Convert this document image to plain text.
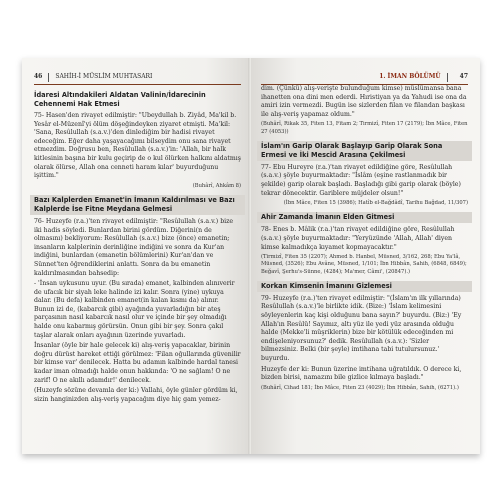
46 SAHİH-İ MÜSLİM MUHTASARI
İdaresi Altındakileri Aldatan Valinin/İdarecinin Cehennemi Hak Etmesi

75- Hasen'den rivayet edilmiştir: "Ubeydullah b. Ziyâd, Ma'kil b. Yesâr el-Müzenî'yi ölüm döşeğindeyken ziyaret etmişti. Ma'kil: 'Sana, Resûlullah (s.a.v.)'den dinlediğim bir hadisi rivayet edeceğim. Eğer daha yaşayacağımı bilseydim onu sana rivayet etmezdim. Doğrusu ben, Resûlullah (s.a.v.)'in: 'Allah, bir halk kitlesinin başına bir kulu geçirip de o kul ölürken halkını aldatmış olarak ölürse, Allah ona cenneti haram kılar' buyurduğunu işittim."

(Buhârî, Ahkâm 8)
Bazı Kalplerden Emanet'in İmanın Kaldırılması ve Bazı Kalplerde İse Fitne Meydana Gelmesi

76- Huzeyfe (r.a.)'ten rivayet edilmiştir: "Resûlullah (s.a.v.) bize iki hadis söyledi. Bunlardan birini gördüm. Diğerini(n de olmasını) bekliyorum: Resûlullah (s.a.v.) bize (önce) emanetin; insanların kalplerinin derinliğine indiğini ve sonra da Kur'an indiğini, bunlardan (emanetin bölümlerini) Kur'an'dan ve Sünnet'ten öğrendiklerini anlattı. Sonra da bu emanetin kaldırılmasından bahsedip:

- 'İnsan uykusunu uyur. (Bu sırada) emanet, kalbinden alınıverir de ufacık bir siyah leke halinde izi kalır. Sonra (yine) uykuya dalar. (Bu defa) kalbinden emanet(in kalan kısmı da) alınır. Bunun izi de, (kabarcık gibi) ayağında yuvarladığın bir ateş parçasının nasıl kabarcık nasıl olur ve içinde bir şey olmadığı halde onu kabarmış görürsün. Onun gibi bir şey. Sonra çakıl taşlar alarak onları ayağının üzerinde yuvarladı.

İnsanlar (öyle bir hale gelecek ki) alış-veriş yapacaklar, birinin doğru dürüst hareket ettiği görülmez: 'Filan oğullarında güvenilir bir kimse var' denilecek. Hatta bu adamın kalbinde hardal tanesi kadar iman olmadığı halde onun hakkında: 'O ne sağlam! O ne zarif! O ne akıllı adamdır!' denilecek.

(Huzeyfe sözüne devamla der ki:) Vallahi, öyle günler gördüm ki, sizin hanginizden alış-veriş yapacağım diye hiç gam yemez-

1. İMAN BÖLÜMÜ	47

dim. (Çünkü) alış-verişte bulunduğum kimse) müslümansa bana ihanetten ona dini men ederdi. Hıristiyan ya da Yahudi ise ona da amiri izin vermezdi. Bugün ise sizlerden filan ve filandan başkası ile alış-veriş yapamaz oldum."

(Buhârî, Rikak 35, Fiten 13, Fitam 2; Tirmizî, Fiten 17 (2179); İbn Mâce, Fiten 27 (4053))
İslam'ın Garip Olarak Başlayıp Garip Olarak Sona Ermesi ve İki Mescid Arasına Çekilmesi

77- Ebu Hureyre (r.a.)'tan rivayet edildiğine göre, Resûlullah (s.a.v.) şöyle buyurmaktadır: "İslâm (eşine rastlanmadık bir şekilde) garip olarak başladı. Başladığı gibi garip olarak (böyle) tekrar dönecektir. Gariblere müjdeler olsun!"

(İbn Mâce, Fiten 15 (3986); Hatîb el-Bağdâdî, Tarihu Bağdad, 11/307)
Ahir Zamanda İmanın Elden Gitmesi

78- Enes b. Mâlik (r.a.)'tan rivayet edildiğine göre, Resûlullah (s.a.v.) şöyle buyurmaktadır: "Yeryüzünde 'Allah, Allah' diyen kimse kalmadıkça kıyamet kopmayacaktır."

(Tirmizî, Fiten 35 (2207); Ahmed b. Hanbel, Müsned, 3/162, 268; Ebu Ya'lâ, Müsned, (3526); Ebu Avâne, Müsned, 1/101; İbn Hibbân, Sahih, (6848, 6849); Beğavî, Şerhu's-Sünne, (4284); Ma'mer, Câmi', (20847).)
Korkan Kimsenin İmanını Gizlemesi

79- Huzeyfe (r.a.)'ten rivayet edilmiştir: "(İslam'ın ilk yıllarında) Resûlullah (s.a.v.)'le birlikte idik. (Bize:) 'İslam kelimesini söyleyenlerin kaç kişi olduğunu bana sayın?' buyurdu. (Biz:) 'Ey Allah'ın Resûlü! Sayımız, altı yüz ile yedi yüz arasında olduğu halde (Mekke'li müşriklerin) bize bir kötülük edeceğinden mi endişeleniyorsunuz?' dedik. Resûlullah (s.a.v.): 'Sizler bilmezsiniz. Belki (bir şeyle) imtihana tabi tutulursunuz.' buyurdu.

Huzeyfe der ki: Bunun üzerine imtihana uğratıldık. O derece ki, bizden birisi, namazını bile gizlice kılmaya başladı."

(Buhârî, Cihad 181; İbn Mâce, Fiten 23 (4029); İbn Hibbân, Sahih, (6271).)
